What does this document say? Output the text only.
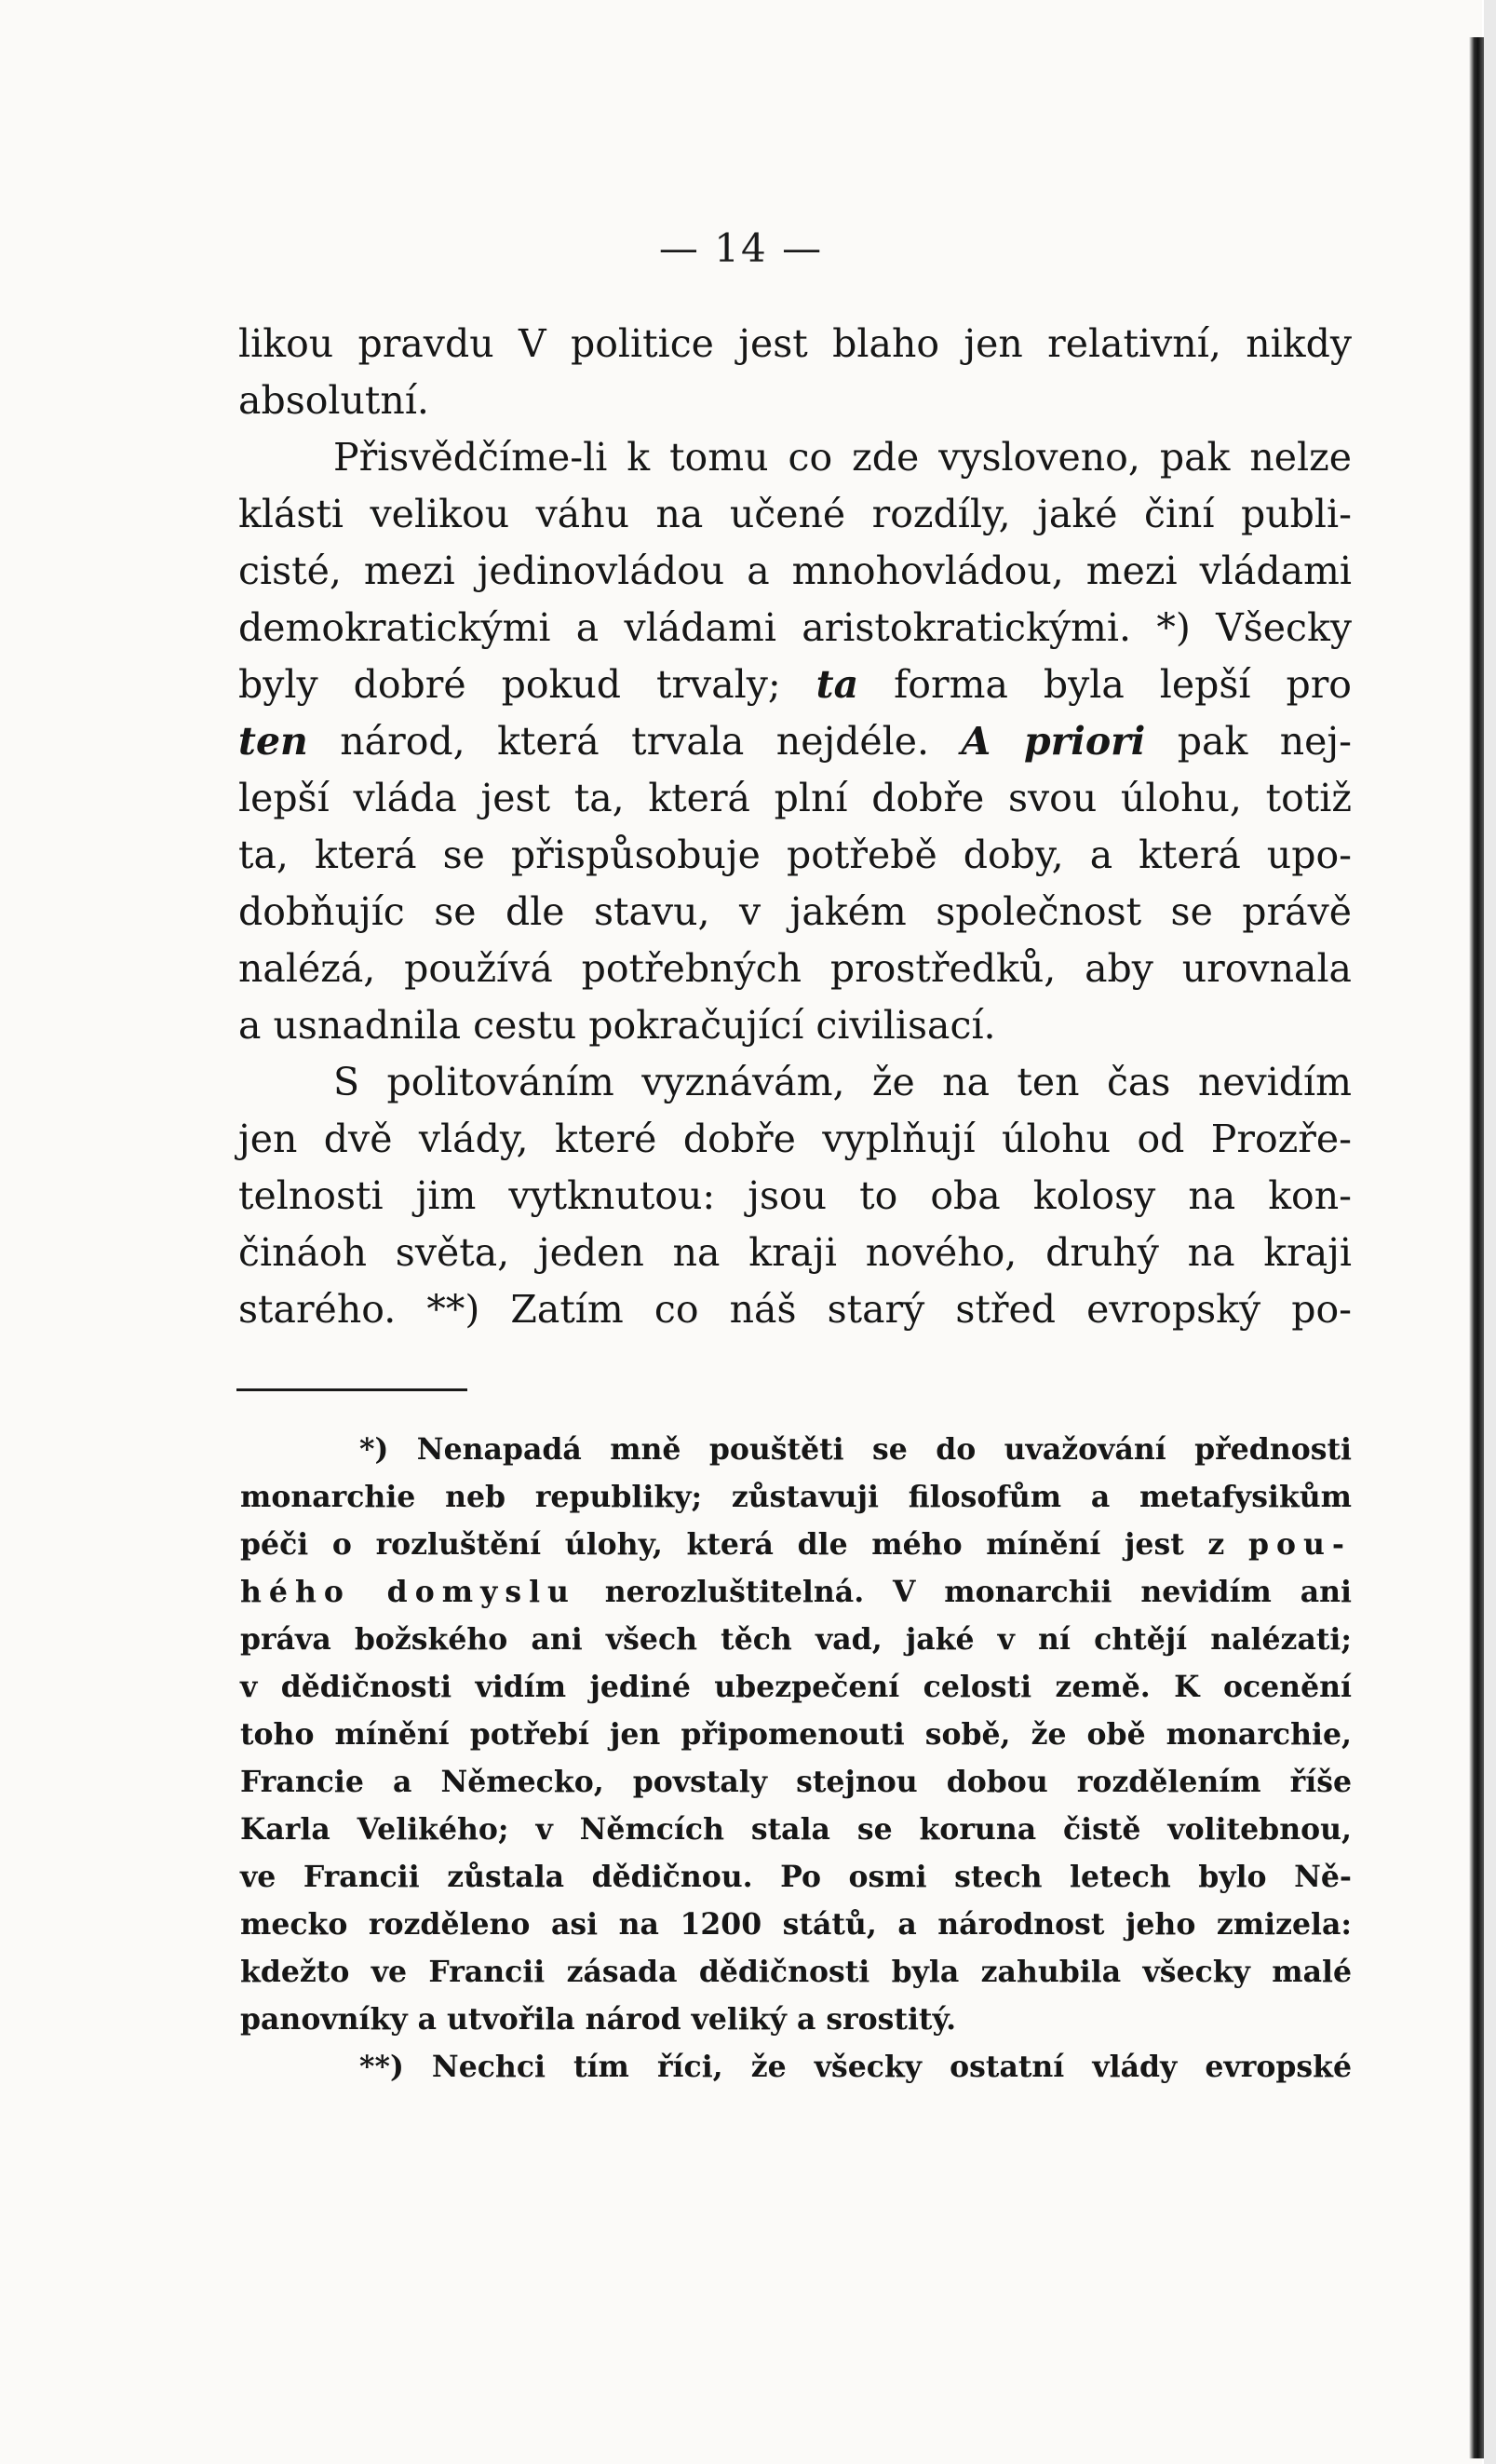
— 14 —
likou pravdu V politice jest blaho jen relativní, nikdy
absolutní.
Přisvědčíme-li k tomu co zde vysloveno, pak nelze
klásti velikou váhu na učené rozdíly, jaké činí publi-
cisté, mezi jedinovládou a mnohovládou, mezi vládami
demokratickými a vládami aristokratickými. *) Všecky
byly dobré pokud trvaly; ta forma byla lepší pro
ten národ, která trvala nejdéle. A priori pak nej-
lepší vláda jest ta, která plní dobře svou úlohu, totiž
ta, která se přispůsobuje potřebě doby, a která upo-
dobňujíc se dle stavu, v jakém společnost se právě
nalézá, používá potřebných prostředků, aby urovnala
a usnadnila cestu pokračující civilisací.
S politováním vyznávám, že na ten čas nevidím
jen dvě vlády, které dobře vyplňují úlohu od Prozře-
telnosti jim vytknutou: jsou to oba kolosy na kon-
čináoh světa, jeden na kraji nového, druhý na kraji
starého. **) Zatím co náš starý střed evropský po-
*) Nenapadá mně pouštěti se do uvažování přednosti
monarchie neb republiky; zůstavuji filosofům a metafysikům
péči o rozluštění úlohy, která dle mého mínění jest z pou-
hého domyslu nerozluštitelná. V monarchii nevidím ani
práva božského ani všech těch vad, jaké v ní chtějí nalézati;
v dědičnosti vidím jediné ubezpečení celosti země. K ocenění
toho mínění potřebí jen připomenouti sobě, že obě monarchie,
Francie a Německo, povstaly stejnou dobou rozdělením říše
Karla Velikého; v Němcích stala se koruna čistě volitebnou,
ve Francii zůstala dědičnou. Po osmi stech letech bylo Ně-
mecko rozděleno asi na 1200 států, a národnost jeho zmizela:
kdežto ve Francii zásada dědičnosti byla zahubila všecky malé
panovníky a utvořila národ veliký a srostitý.
**) Nechci tím říci, že všecky ostatní vlády evropské
